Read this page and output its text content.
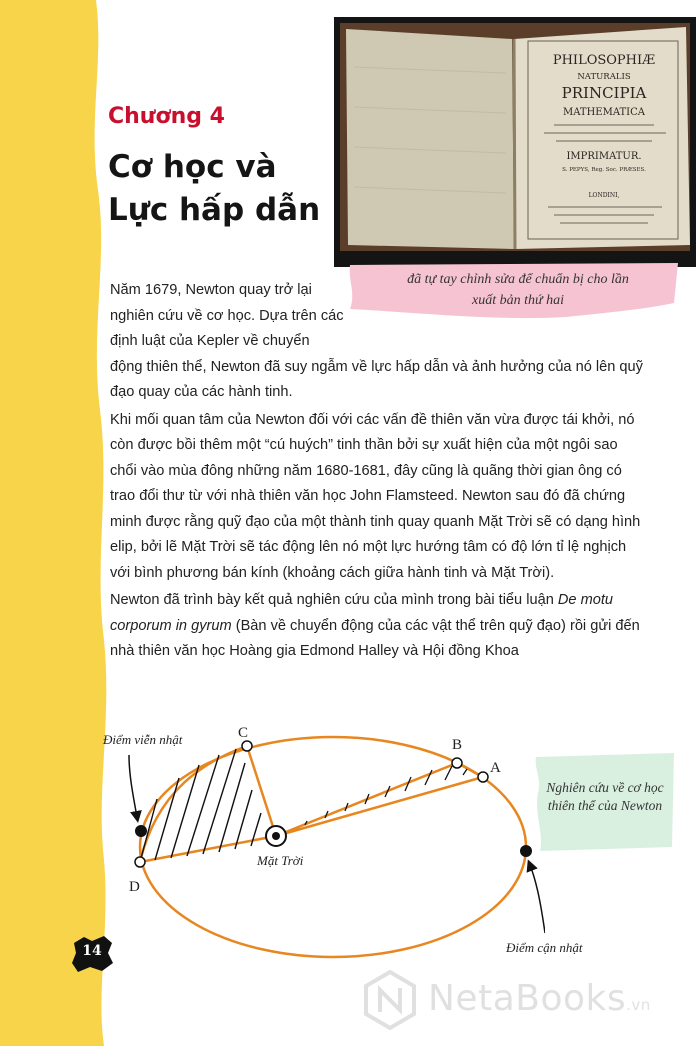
Chương 4
Cơ học và
Lực hấp dẫn
PHILOSOPHIÆ
NATURALIS
PRINCIPIA
MATHEMATICA
IMPRIMATUR.
S. PEPYS, Reg. Soc. PRÆSES.
LONDINI,
đã tự tay chỉnh sửa để chuẩn bị cho lần
xuất bản thứ hai

Năm 1679, Newton quay trở lại nghiên cứu về cơ học. Dựa trên các định luật của Kepler về chuyển động thiên thể, Newton đã suy ngẫm về lực hấp dẫn và ảnh hưởng của nó lên quỹ đạo quay của các hành tinh.

Khi mối quan tâm của Newton đối với các vấn đề thiên văn vừa được tái khởi, nó còn được bồi thêm một “cú huých” tinh thần bởi sự xuất hiện của một ngôi sao chổi vào mùa đông những năm 1680-1681, đây cũng là quãng thời gian ông có trao đổi thư từ với nhà thiên văn học John Flamsteed. Newton sau đó đã chứng minh được rằng quỹ đạo của một thành tinh quay quanh Mặt Trời sẽ có dạng hình elip, bởi lẽ Mặt Trời sẽ tác động lên nó một lực hướng tâm có độ lớn tỉ lệ nghịch với bình phương bán kính (khoảng cách giữa hành tinh và Mặt Trời).

Newton đã trình bày kết quả nghiên cứu của mình trong bài tiểu luận De motu corporum in gyrum (Bàn về chuyển động của các vật thể trên quỹ đạo) rồi gửi đến nhà thiên văn học Hoàng gia Edmond Halley và Hội đồng Khoa

Điểm viễn nhật
Mặt Trời
C
B
A
D
Điểm cận nhật
Nghiên cứu về cơ học thiên thể của Newton
14
NetaBooks.vn
